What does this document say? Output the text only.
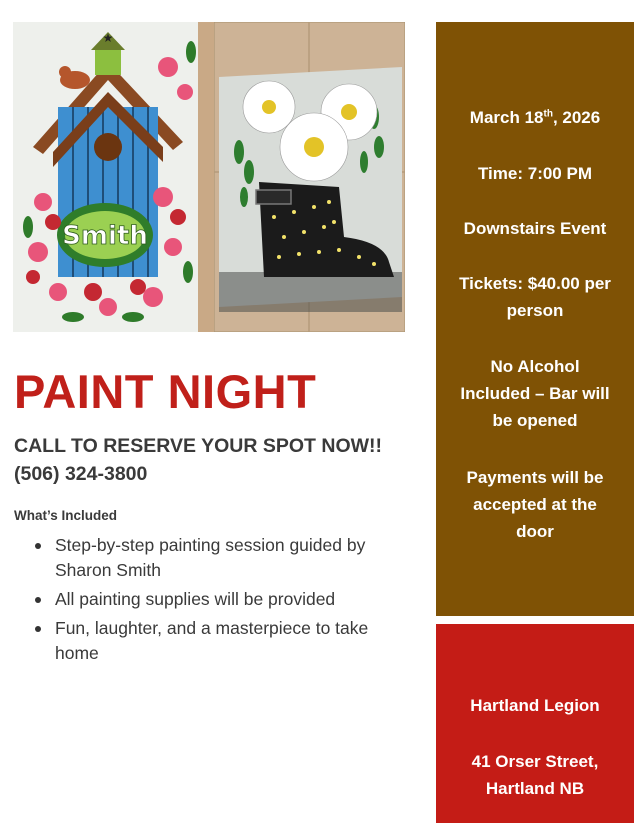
★
Smith
PAINT NIGHT
CALL TO RESERVE YOUR SPOT NOW!!
(506) 324-3800
What’s Included
Step-by-step painting session guided by Sharon Smith
All painting supplies will be provided
Fun, laughter, and a masterpiece to take home
March 18th, 2026
Time: 7:00 PM
Downstairs Event
Tickets: $40.00 per
person
No Alcohol
Included – Bar will
be opened
Payments will be
accepted at the
door
Hartland Legion
41 Orser Street,
Hartland NB
